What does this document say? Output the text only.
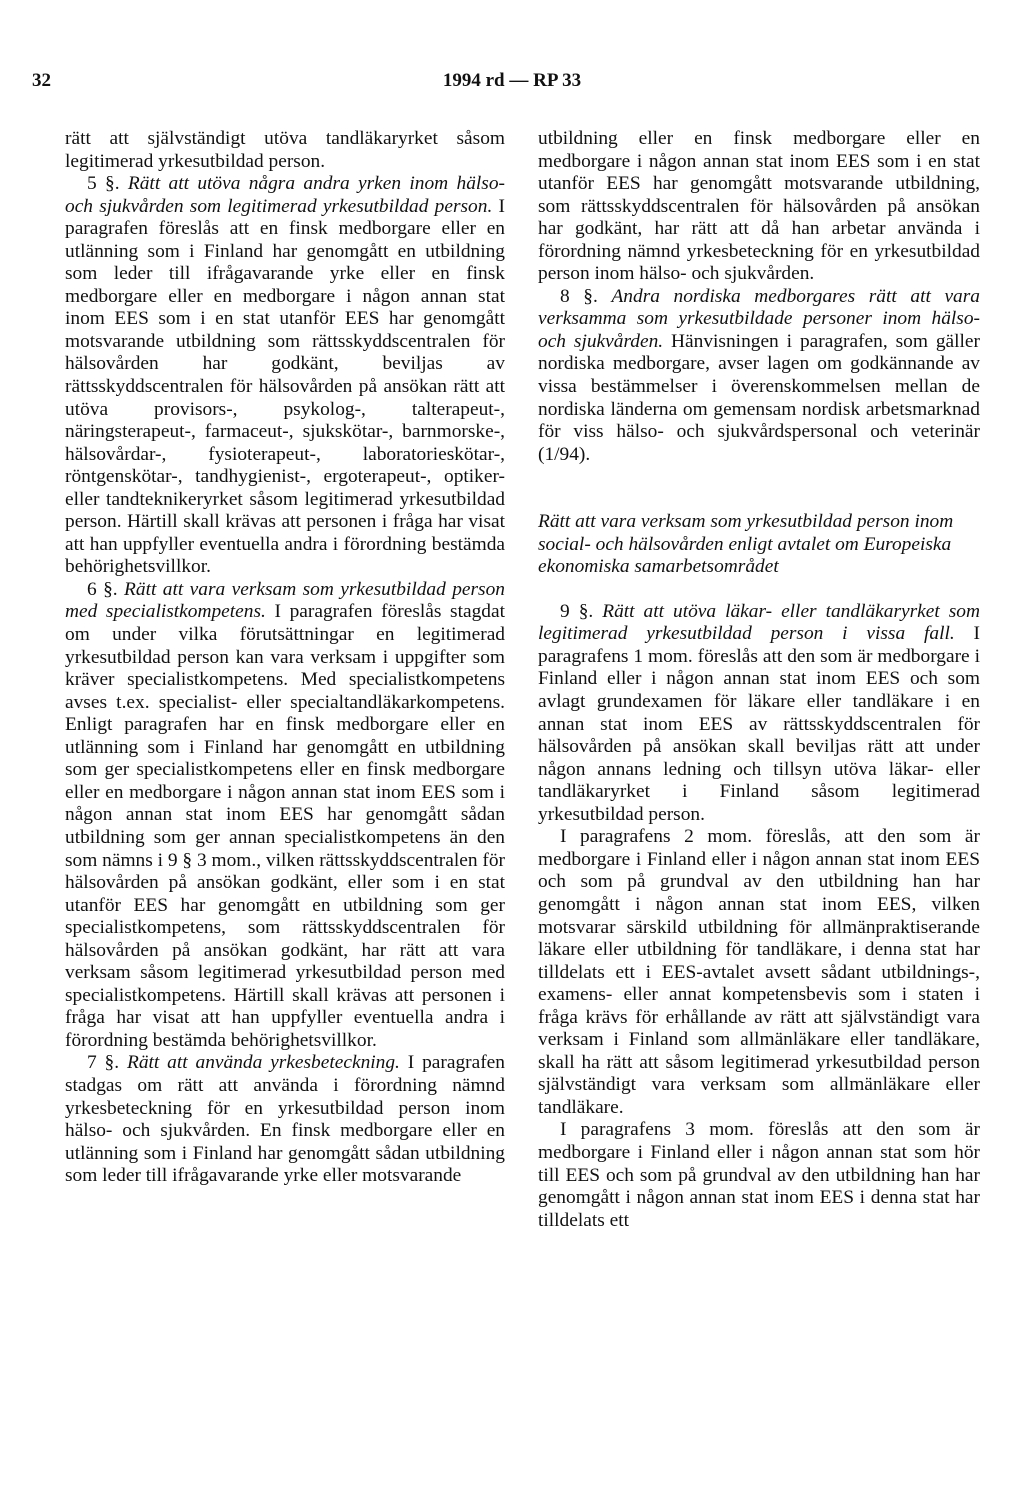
32	1994 rd — RP 33

rätt att självständigt utöva tandläkaryrket såsom legitimerad yrkesutbildad person.

5 §. Rätt att utöva några andra yrken inom hälso- och sjukvården som legitimerad yrkesutbildad person. I paragrafen föreslås att en finsk medborgare eller en utlänning som i Finland har genomgått en utbildning som leder till ifrågavarande yrke eller en finsk medborgare eller en medborgare i någon annan stat inom EES som i en stat utanför EES har genomgått motsvarande utbildning som rättsskyddscentralen för hälsovården har godkänt, beviljas av rättsskyddscentralen för hälsovården på ansökan rätt att utöva provisors-, psykolog-, talterapeut-, näringsterapeut-, farmaceut-, sjukskötar-, barnmorske-, hälsovårdar-, fysioterapeut-, laboratorieskötar-, röntgenskötar-, tandhygienist-, ergoterapeut-, optiker- eller tandteknikeryrket såsom legitimerad yrkesutbildad person. Härtill skall krävas att personen i fråga har visat att han uppfyller eventuella andra i förordning bestämda behörighetsvillkor.

6 §. Rätt att vara verksam som yrkesutbildad person med specialistkompetens. I paragrafen föreslås stagdat om under vilka förutsättningar en legitimerad yrkesutbildad person kan vara verksam i uppgifter som kräver specialistkompetens. Med specialistkompetens avses t.ex. specialist- eller specialtandläkarkompetens. Enligt paragrafen har en finsk medborgare eller en utlänning som i Finland har genomgått en utbildning som ger specialistkompetens eller en finsk medborgare eller en medborgare i någon annan stat inom EES som i någon annan stat inom EES har genomgått sådan utbildning som ger annan specialistkompetens än den som nämns i 9 § 3 mom., vilken rättsskyddscentralen för hälsovården på ansökan godkänt, eller som i en stat utanför EES har genomgått en utbildning som ger specialistkompetens, som rättsskyddscentralen för hälsovården på ansökan godkänt, har rätt att vara verksam såsom legitimerad yrkesutbildad person med specialistkompetens. Härtill skall krävas att personen i fråga har visat att han uppfyller eventuella andra i förordning bestämda behörighetsvillkor.

7 §. Rätt att använda yrkesbeteckning. I paragrafen stadgas om rätt att använda i förordning nämnd yrkesbeteckning för en yrkesutbildad person inom hälso- och sjukvården. En finsk medborgare eller en utlänning som i Finland har genomgått sådan utbildning som leder till ifrågavarande yrke eller motsvarande

utbildning eller en finsk medborgare eller en medborgare i någon annan stat inom EES som i en stat utanför EES har genomgått motsvarande utbildning, som rättsskyddscentralen för hälsovården på ansökan har godkänt, har rätt att då han arbetar använda i förordning nämnd yrkesbeteckning för en yrkesutbildad person inom hälso- och sjukvården.

8 §. Andra nordiska medborgares rätt att vara verksamma som yrkesutbildade personer inom hälso- och sjukvården. Hänvisningen i paragrafen, som gäller nordiska medborgare, avser lagen om godkännande av vissa bestämmelser i överenskommelsen mellan de nordiska länderna om gemensam nordisk arbetsmarknad för viss hälso- och sjukvårdspersonal och veterinär (1/94).

Rätt att vara verksam som yrkesutbildad person inom social- och hälsovården enligt avtalet om Europeiska ekonomiska samarbetsområdet

9 §. Rätt att utöva läkar- eller tandläkaryrket som legitimerad yrkesutbildad person i vissa fall. I paragrafens 1 mom. föreslås att den som är medborgare i Finland eller i någon annan stat inom EES och som avlagt grundexamen för läkare eller tandläkare i en annan stat inom EES av rättsskyddscentralen för hälsovården på ansökan skall beviljas rätt att under någon annans ledning och tillsyn utöva läkar- eller tandläkaryrket i Finland såsom legitimerad yrkesutbildad person.

I paragrafens 2 mom. föreslås, att den som är medborgare i Finland eller i någon annan stat inom EES och som på grundval av den utbildning han har genomgått i någon annan stat inom EES, vilken motsvarar särskild utbildning för allmänpraktiserande läkare eller utbildning för tandläkare, i denna stat har tilldelats ett i EES-avtalet avsett sådant utbildnings-, examens- eller annat kompetensbevis som i staten i fråga krävs för erhållande av rätt att självständigt vara verksam i Finland som allmänläkare eller tandläkare, skall ha rätt att såsom legitimerad yrkesutbildad person självständigt vara verksam som allmänläkare eller tandläkare.

I paragrafens 3 mom. föreslås att den som är medborgare i Finland eller i någon annan stat som hör till EES och som på grundval av den utbildning han har genomgått i någon annan stat inom EES i denna stat har tilldelats ett
